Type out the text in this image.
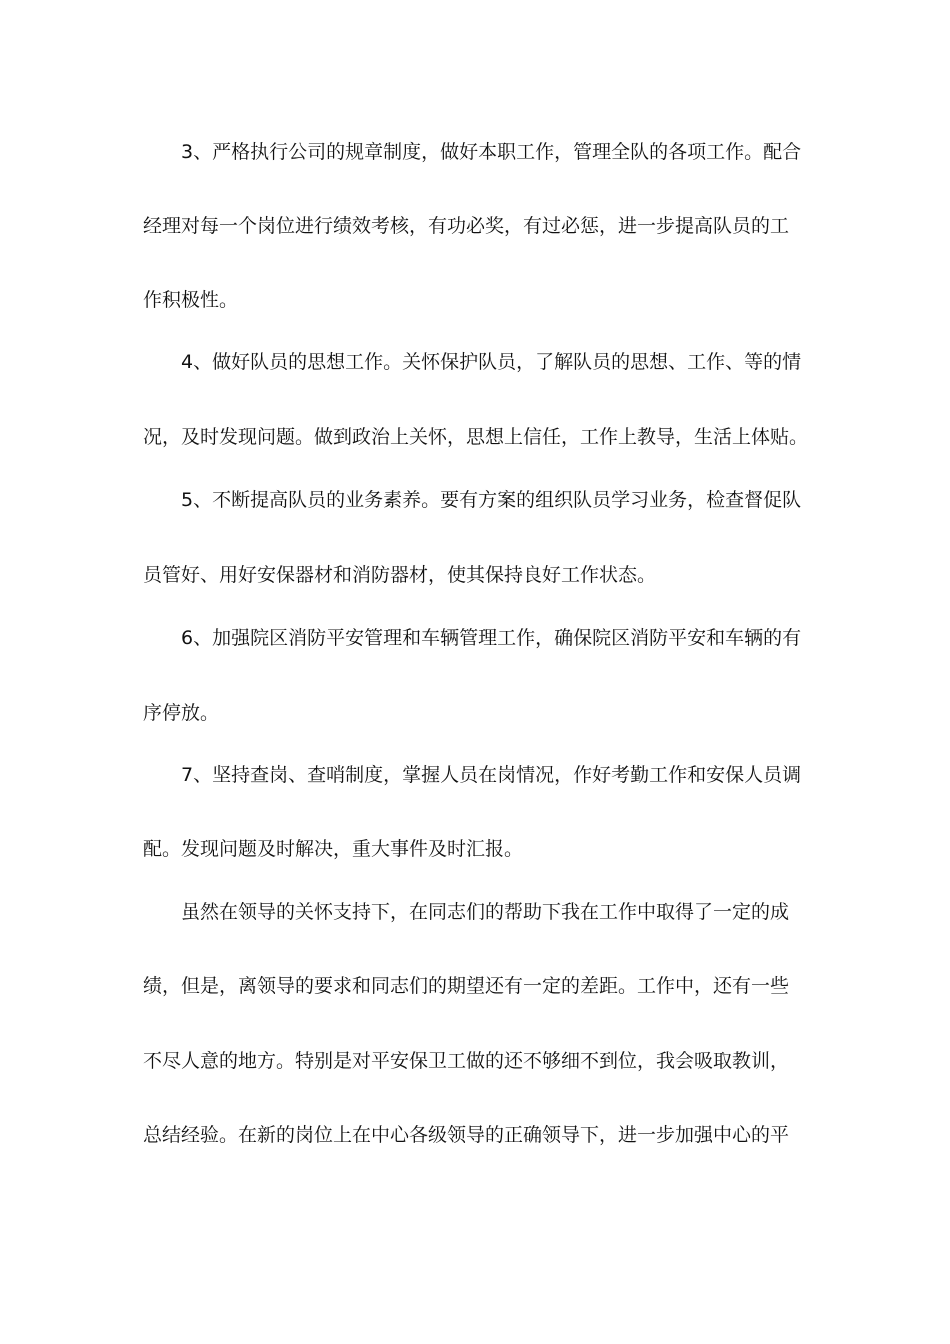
3、严格执行公司的规章制度，做好本职工作，管理全队的各项工作。配合
经理对每一个岗位进行绩效考核，有功必奖，有过必惩，进一步提高队员的工
作积极性。
4、做好队员的思想工作。关怀保护队员，了解队员的思想、工作、等的情
况，及时发现问题。做到政治上关怀，思想上信任，工作上教导，生活上体贴。
5、不断提高队员的业务素养。要有方案的组织队员学习业务，检查督促队
员管好、用好安保器材和消防器材，使其保持良好工作状态。
6、加强院区消防平安管理和车辆管理工作，确保院区消防平安和车辆的有
序停放。
7、坚持查岗、查哨制度，掌握人员在岗情况，作好考勤工作和安保人员调
配。发现问题及时解决，重大事件及时汇报。
虽然在领导的关怀支持下，在同志们的帮助下我在工作中取得了一定的成
绩，但是，离领导的要求和同志们的期望还有一定的差距。工作中，还有一些
不尽人意的地方。特别是对平安保卫工做的还不够细不到位，我会吸取教训，
总结经验。在新的岗位上在中心各级领导的正确领导下，进一步加强中心的平
